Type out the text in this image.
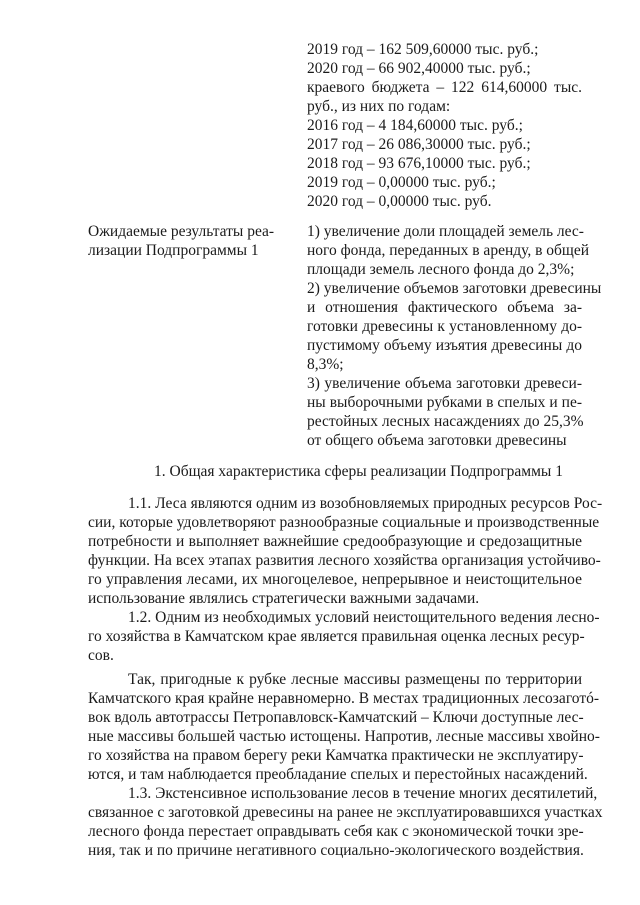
2019 год – 162 509,60000 тыс. руб.;
2020 год – 66 902,40000 тыс. руб.;
краевого бюджета – 122 614,60000 тыс.
руб., из них по годам:
2016 год – 4 184,60000 тыс. руб.;
2017 год – 26 086,30000 тыс. руб.;
2018 год – 93 676,10000 тыс. руб.;
2019 год – 0,00000 тыс. руб.;
2020 год – 0,00000 тыс. руб.
Ожидаемые результаты реа-
лизации Подпрограммы 1
1) увеличение доли площадей земель лес-
ного фонда, переданных в аренду, в общей
площади земель лесного фонда до 2,3%;
2) увеличение объемов заготовки древесины
и отношения фактического объема за-
готовки древесины к установленному до-
пустимому объему изъятия древесины до
8,3%;
3) увеличение объема заготовки древеси-
ны выборочными рубками в спелых и пе-
рестойных лесных насаждениях до 25,3%
от общего объема заготовки древесины
1. Общая характеристика сферы реализации Подпрограммы 1
1.1. Леса являются одним из возобновляемых природных ресурсов Рос-
сии, которые удовлетворяют разнообразные социальные и производственные
потребности и выполняет важнейшие средообразующие и средозащитные
функции. На всех этапах развития лесного хозяйства организация устойчиво-
го управления лесами, их многоцелевое, непрерывное и неистощительное
использование являлись стратегически важными задачами.
1.2. Одним из необходимых условий неистощительного ведения лесно-
го хозяйства в Камчатском крае является правильная оценка лесных ресур-
сов.
Так, пригодные к рубке лесные массивы размещены по территории
Камчатского края крайне неравномерно. В местах традиционных лесозаготó-
вок вдоль автотрассы Петропавловск-Камчатский – Ключи доступные лес-
ные массивы большей частью истощены. Напротив, лесные массивы хвойно-
го хозяйства на правом берегу реки Камчатка практически не эксплуатиру-
ются, и там наблюдается преобладание спелых и перестойных насаждений.
1.3. Экстенсивное использование лесов в течение многих десятилетий,
связанное с заготовкой древесины на ранее не эксплуатировавшихся участках
лесного фонда перестает оправдывать себя как с экономической точки зре-
ния, так и по причине негативного социально-экологического воздействия.
